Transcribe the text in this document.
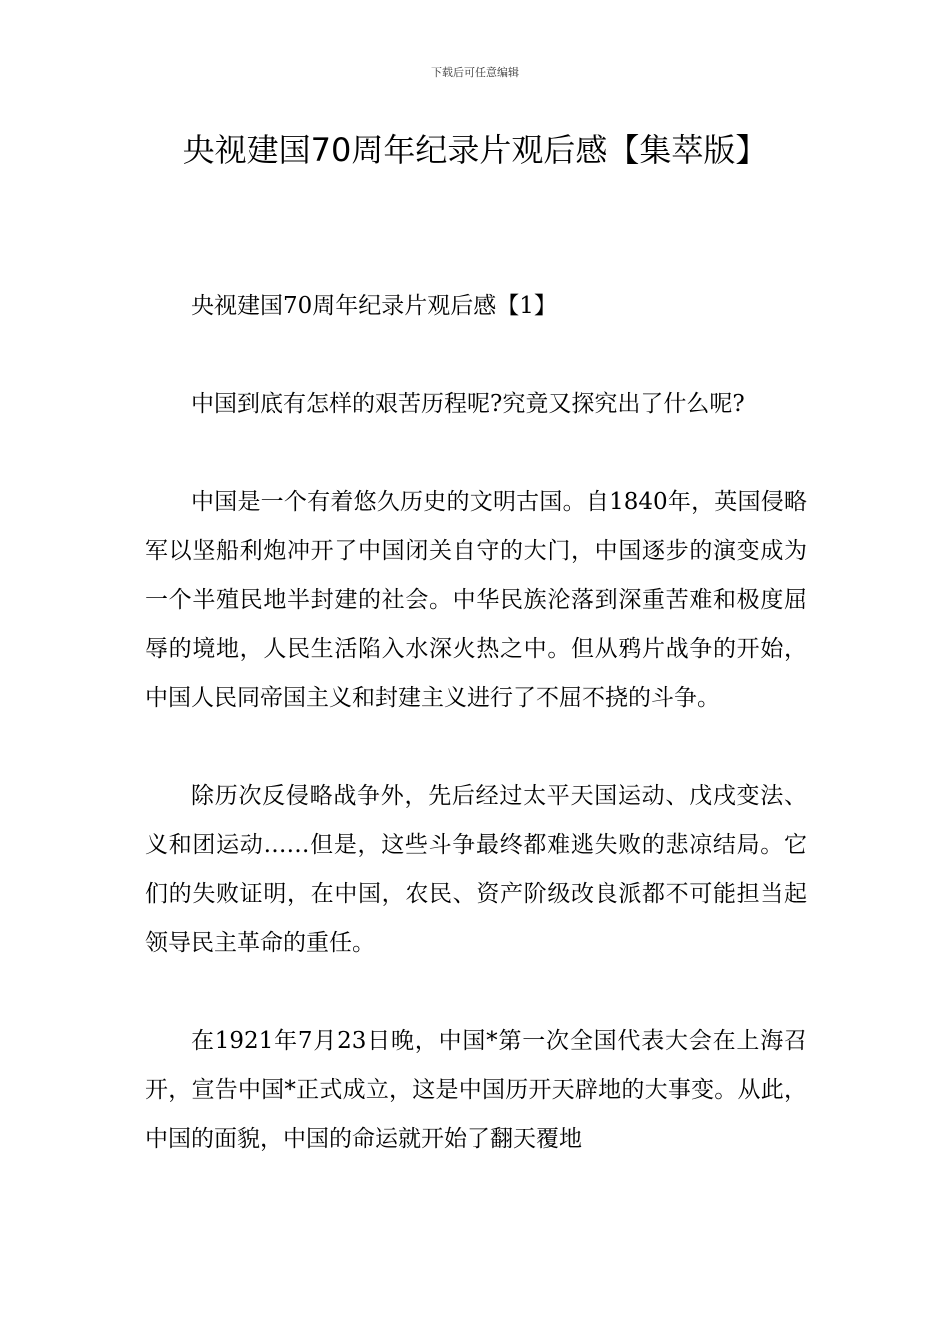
下载后可任意编辑
央视建国70周年纪录片观后感【集萃版】

央视建国70周年纪录片观后感【1】

中国到底有怎样的艰苦历程呢?究竟又探究出了什么呢?

中国是一个有着悠久历史的文明古国。自1840年，英国侵略军以坚船利炮冲开了中国闭关自守的大门，中国逐步的演变成为一个半殖民地半封建的社会。中华民族沦落到深重苦难和极度屈辱的境地，人民生活陷入水深火热之中。但从鸦片战争的开始，中国人民同帝国主义和封建主义进行了不屈不挠的斗争。

除历次反侵略战争外，先后经过太平天国运动、戊戌变法、义和团运动……但是，这些斗争最终都难逃失败的悲凉结局。它们的失败证明，在中国，农民、资产阶级改良派都不可能担当起领导民主革命的重任。

在1921年7月23日晚，中国*第一次全国代表大会在上海召开，宣告中国*正式成立，这是中国历开天辟地的大事变。从此，中国的面貌，中国的命运就开始了翻天覆地
